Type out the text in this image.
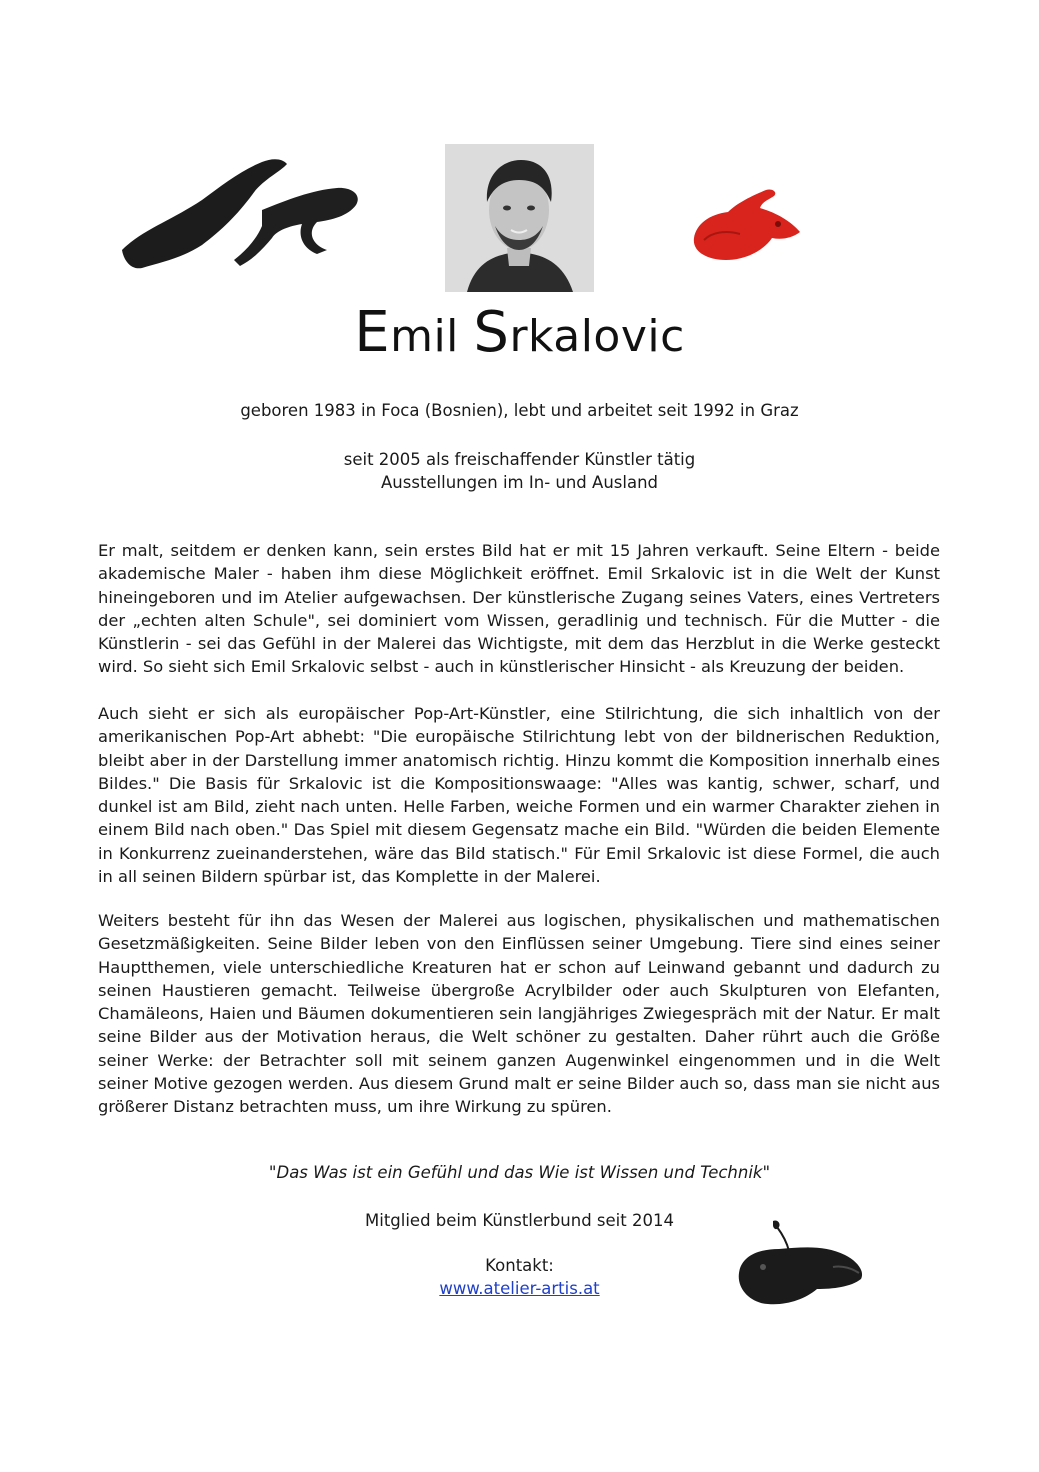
Emil Srkalovic
geboren 1983 in Foca (Bosnien), lebt und arbeitet seit 1992 in Graz
seit 2005 als freischaffender Künstler tätig
Ausstellungen im In- und Ausland
Er malt, seitdem er denken kann, sein erstes Bild hat er mit 15 Jahren verkauft. Seine Eltern - beide akademische Maler - haben ihm diese Möglichkeit eröffnet. Emil Srkalovic ist in die Welt der Kunst hineingeboren und im Atelier aufgewachsen. Der künstlerische Zugang seines Vaters, eines Vertreters der „echten alten Schule", sei dominiert vom Wissen, geradlinig und technisch. Für die Mutter - die Künstlerin - sei das Gefühl in der Malerei das Wichtigste, mit dem das Herzblut in die Werke gesteckt wird. So sieht sich Emil Srkalovic selbst - auch in künstlerischer Hinsicht - als Kreuzung der beiden.
Auch sieht er sich als europäischer Pop-Art-Künstler, eine Stilrichtung, die sich inhaltlich von der amerikanischen Pop-Art abhebt: "Die europäische Stilrichtung lebt von der bildnerischen Reduktion, bleibt aber in der Darstellung immer anatomisch richtig. Hinzu kommt die Komposition innerhalb eines Bildes." Die Basis für Srkalovic ist die Kompositionswaage: "Alles was kantig, schwer, scharf, und dunkel ist am Bild, zieht nach unten. Helle Farben, weiche Formen und ein warmer Charakter ziehen in einem Bild nach oben." Das Spiel mit diesem Gegensatz mache ein Bild. "Würden die beiden Elemente in Konkurrenz zueinanderstehen, wäre das Bild statisch." Für Emil Srkalovic ist diese Formel, die auch in all seinen Bildern spürbar ist, das Komplette in der Malerei.
Weiters besteht für ihn das Wesen der Malerei aus logischen, physikalischen und mathematischen Gesetzmäßigkeiten. Seine Bilder leben von den Einflüssen seiner Umgebung. Tiere sind eines seiner Hauptthemen, viele unterschiedliche Kreaturen hat er schon auf Leinwand gebannt und dadurch zu seinen Haustieren gemacht. Teilweise übergroße Acrylbilder oder auch Skulpturen von Elefanten, Chamäleons, Haien und Bäumen dokumentieren sein langjähriges Zwiegespräch mit der Natur. Er malt seine Bilder aus der Motivation heraus, die Welt schöner zu gestalten. Daher rührt auch die Größe seiner Werke: der Betrachter soll mit seinem ganzen Augenwinkel eingenommen und in die Welt seiner Motive gezogen werden. Aus diesem Grund malt er seine Bilder auch so, dass man sie nicht aus größerer Distanz betrachten muss, um ihre Wirkung zu spüren.
"Das Was ist ein Gefühl und das Wie ist Wissen und Technik"
Mitglied beim Künstlerbund seit 2014
Kontakt:
www.atelier-artis.at
